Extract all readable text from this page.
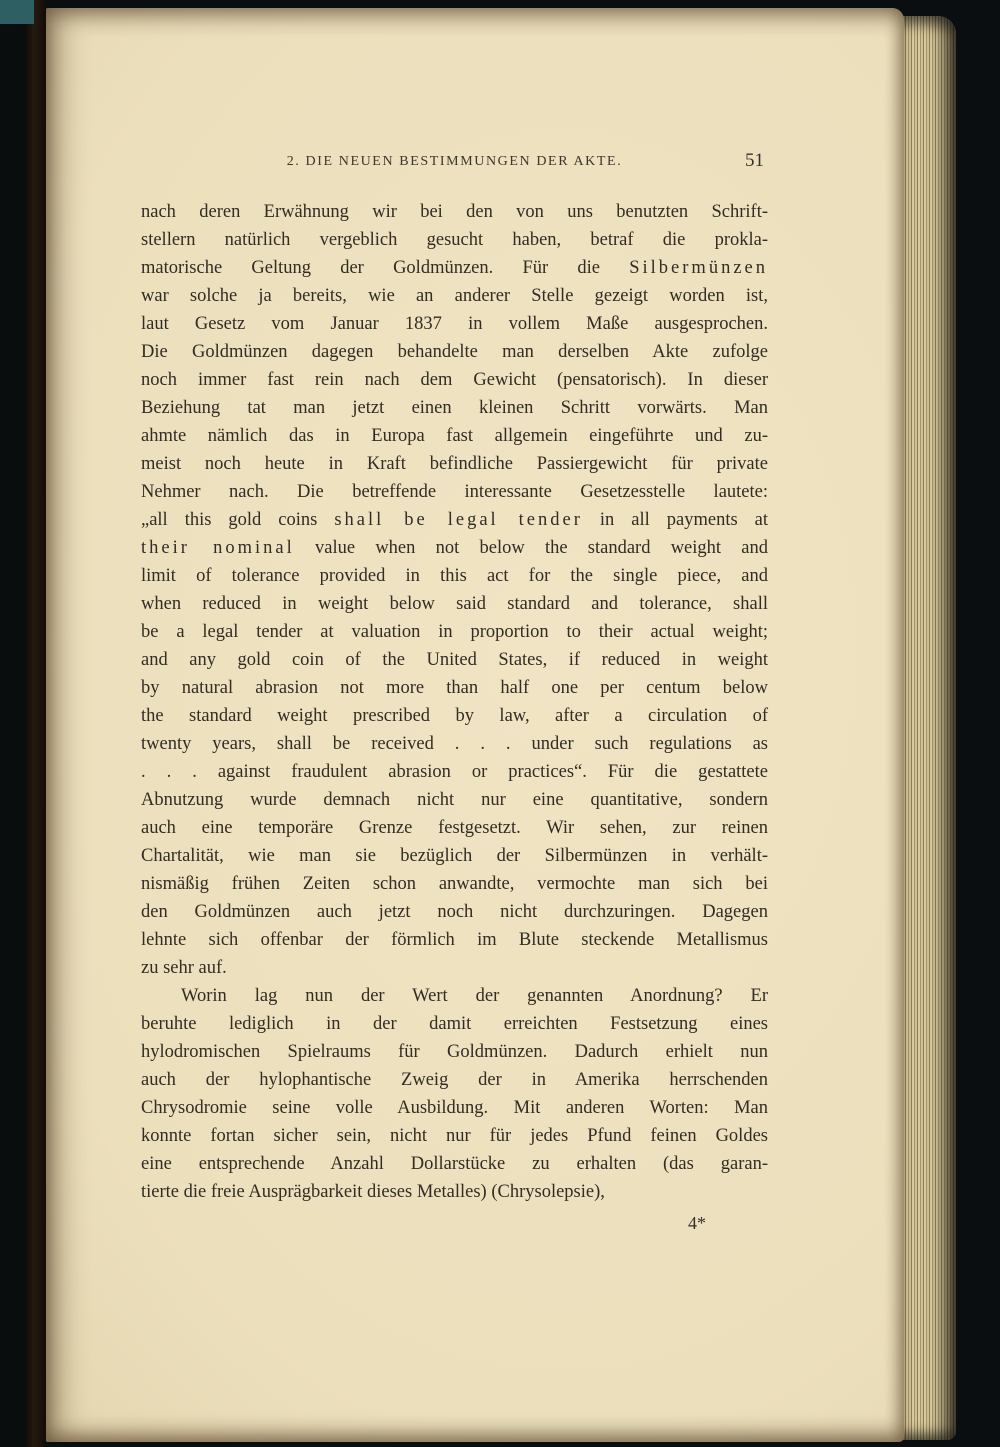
2. DIE NEUEN BESTIMMUNGEN DER AKTE.	51
nach deren Erwähnung wir bei den von uns benutzten Schrift-
stellern natürlich vergeblich gesucht haben, betraf die prokla-
matorische Geltung der Goldmünzen. Für die Silbermünzen
war solche ja bereits, wie an anderer Stelle gezeigt worden ist,
laut Gesetz vom Januar 1837 in vollem Maße ausgesprochen.
Die Goldmünzen dagegen behandelte man derselben Akte zufolge
noch immer fast rein nach dem Gewicht (pensatorisch). In dieser
Beziehung tat man jetzt einen kleinen Schritt vorwärts. Man
ahmte nämlich das in Europa fast allgemein eingeführte und zu-
meist noch heute in Kraft befindliche Passiergewicht für private
Nehmer nach. Die betreffende interessante Gesetzesstelle lautete:
„all this gold coins shall be legal tender in all payments at
their nominal value when not below the standard weight and
limit of tolerance provided in this act for the single piece, and
when reduced in weight below said standard and tolerance, shall
be a legal tender at valuation in proportion to their actual weight;
and any gold coin of the United States, if reduced in weight
by natural abrasion not more than half one per centum below
the standard weight prescribed by law, after a circulation of
twenty years, shall be received . . . under such regulations as
. . . against fraudulent abrasion or practices“. Für die gestattete
Abnutzung wurde demnach nicht nur eine quantitative, sondern
auch eine temporäre Grenze festgesetzt. Wir sehen, zur reinen
Chartalität, wie man sie bezüglich der Silbermünzen in verhält-
nismäßig frühen Zeiten schon anwandte, vermochte man sich bei
den Goldmünzen auch jetzt noch nicht durchzuringen. Dagegen
lehnte sich offenbar der förmlich im Blute steckende Metallismus
zu sehr auf.
Worin lag nun der Wert der genannten Anordnung? Er
beruhte lediglich in der damit erreichten Festsetzung eines
hylodromischen Spielraums für Goldmünzen. Dadurch erhielt nun
auch der hylophantische Zweig der in Amerika herrschenden
Chrysodromie seine volle Ausbildung. Mit anderen Worten: Man
konnte fortan sicher sein, nicht nur für jedes Pfund feinen Goldes
eine entsprechende Anzahl Dollarstücke zu erhalten (das garan-
tierte die freie Ausprägbarkeit dieses Metalles) (Chrysolepsie),
4*
